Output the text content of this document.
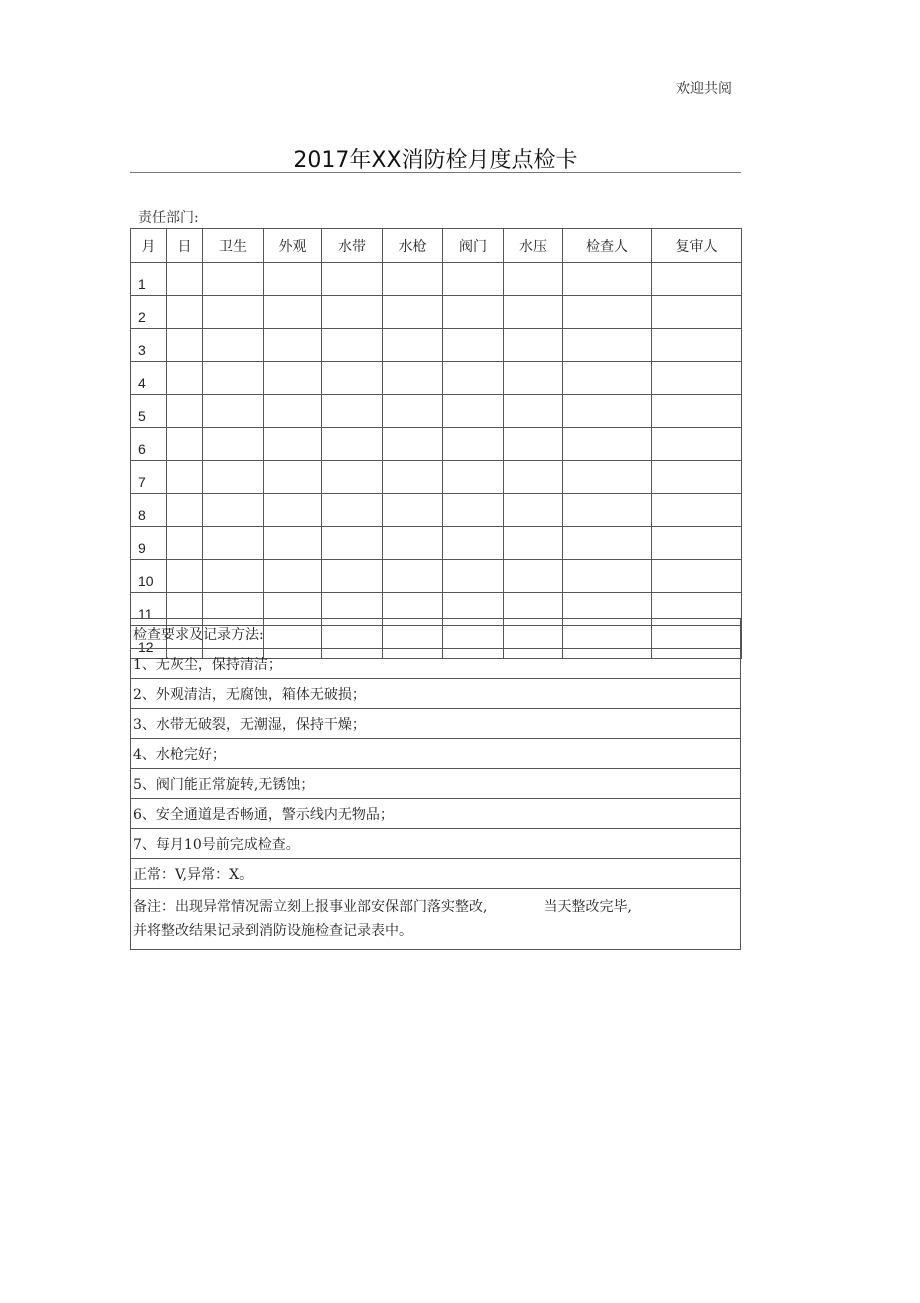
欢迎共阅
2017年XX消防栓月度点检卡
责任部门:
月	日	卫生	外观	水带	水枪	阀门	水压	检查人	复审人
1									
2									
3									
4									
5									
6									
7									
8									
9									
10									
11									
12									
检查要求及记录方法:
1、无灰尘，保持清洁；
2、外观清洁，无腐蚀，箱体无破损；
3、水带无破裂，无潮湿，保持干燥；
4、水枪完好；
5、阀门能正常旋转,无锈蚀；
6、安全通道是否畅通，警示线内无物品；
7、每月10号前完成检查。
正常：V,异常：X。
备注：出现异常情况需立刻上报事业部安保部门落实整改,	当天整改完毕,
并将整改结果记录到消防设施检查记录表中。
